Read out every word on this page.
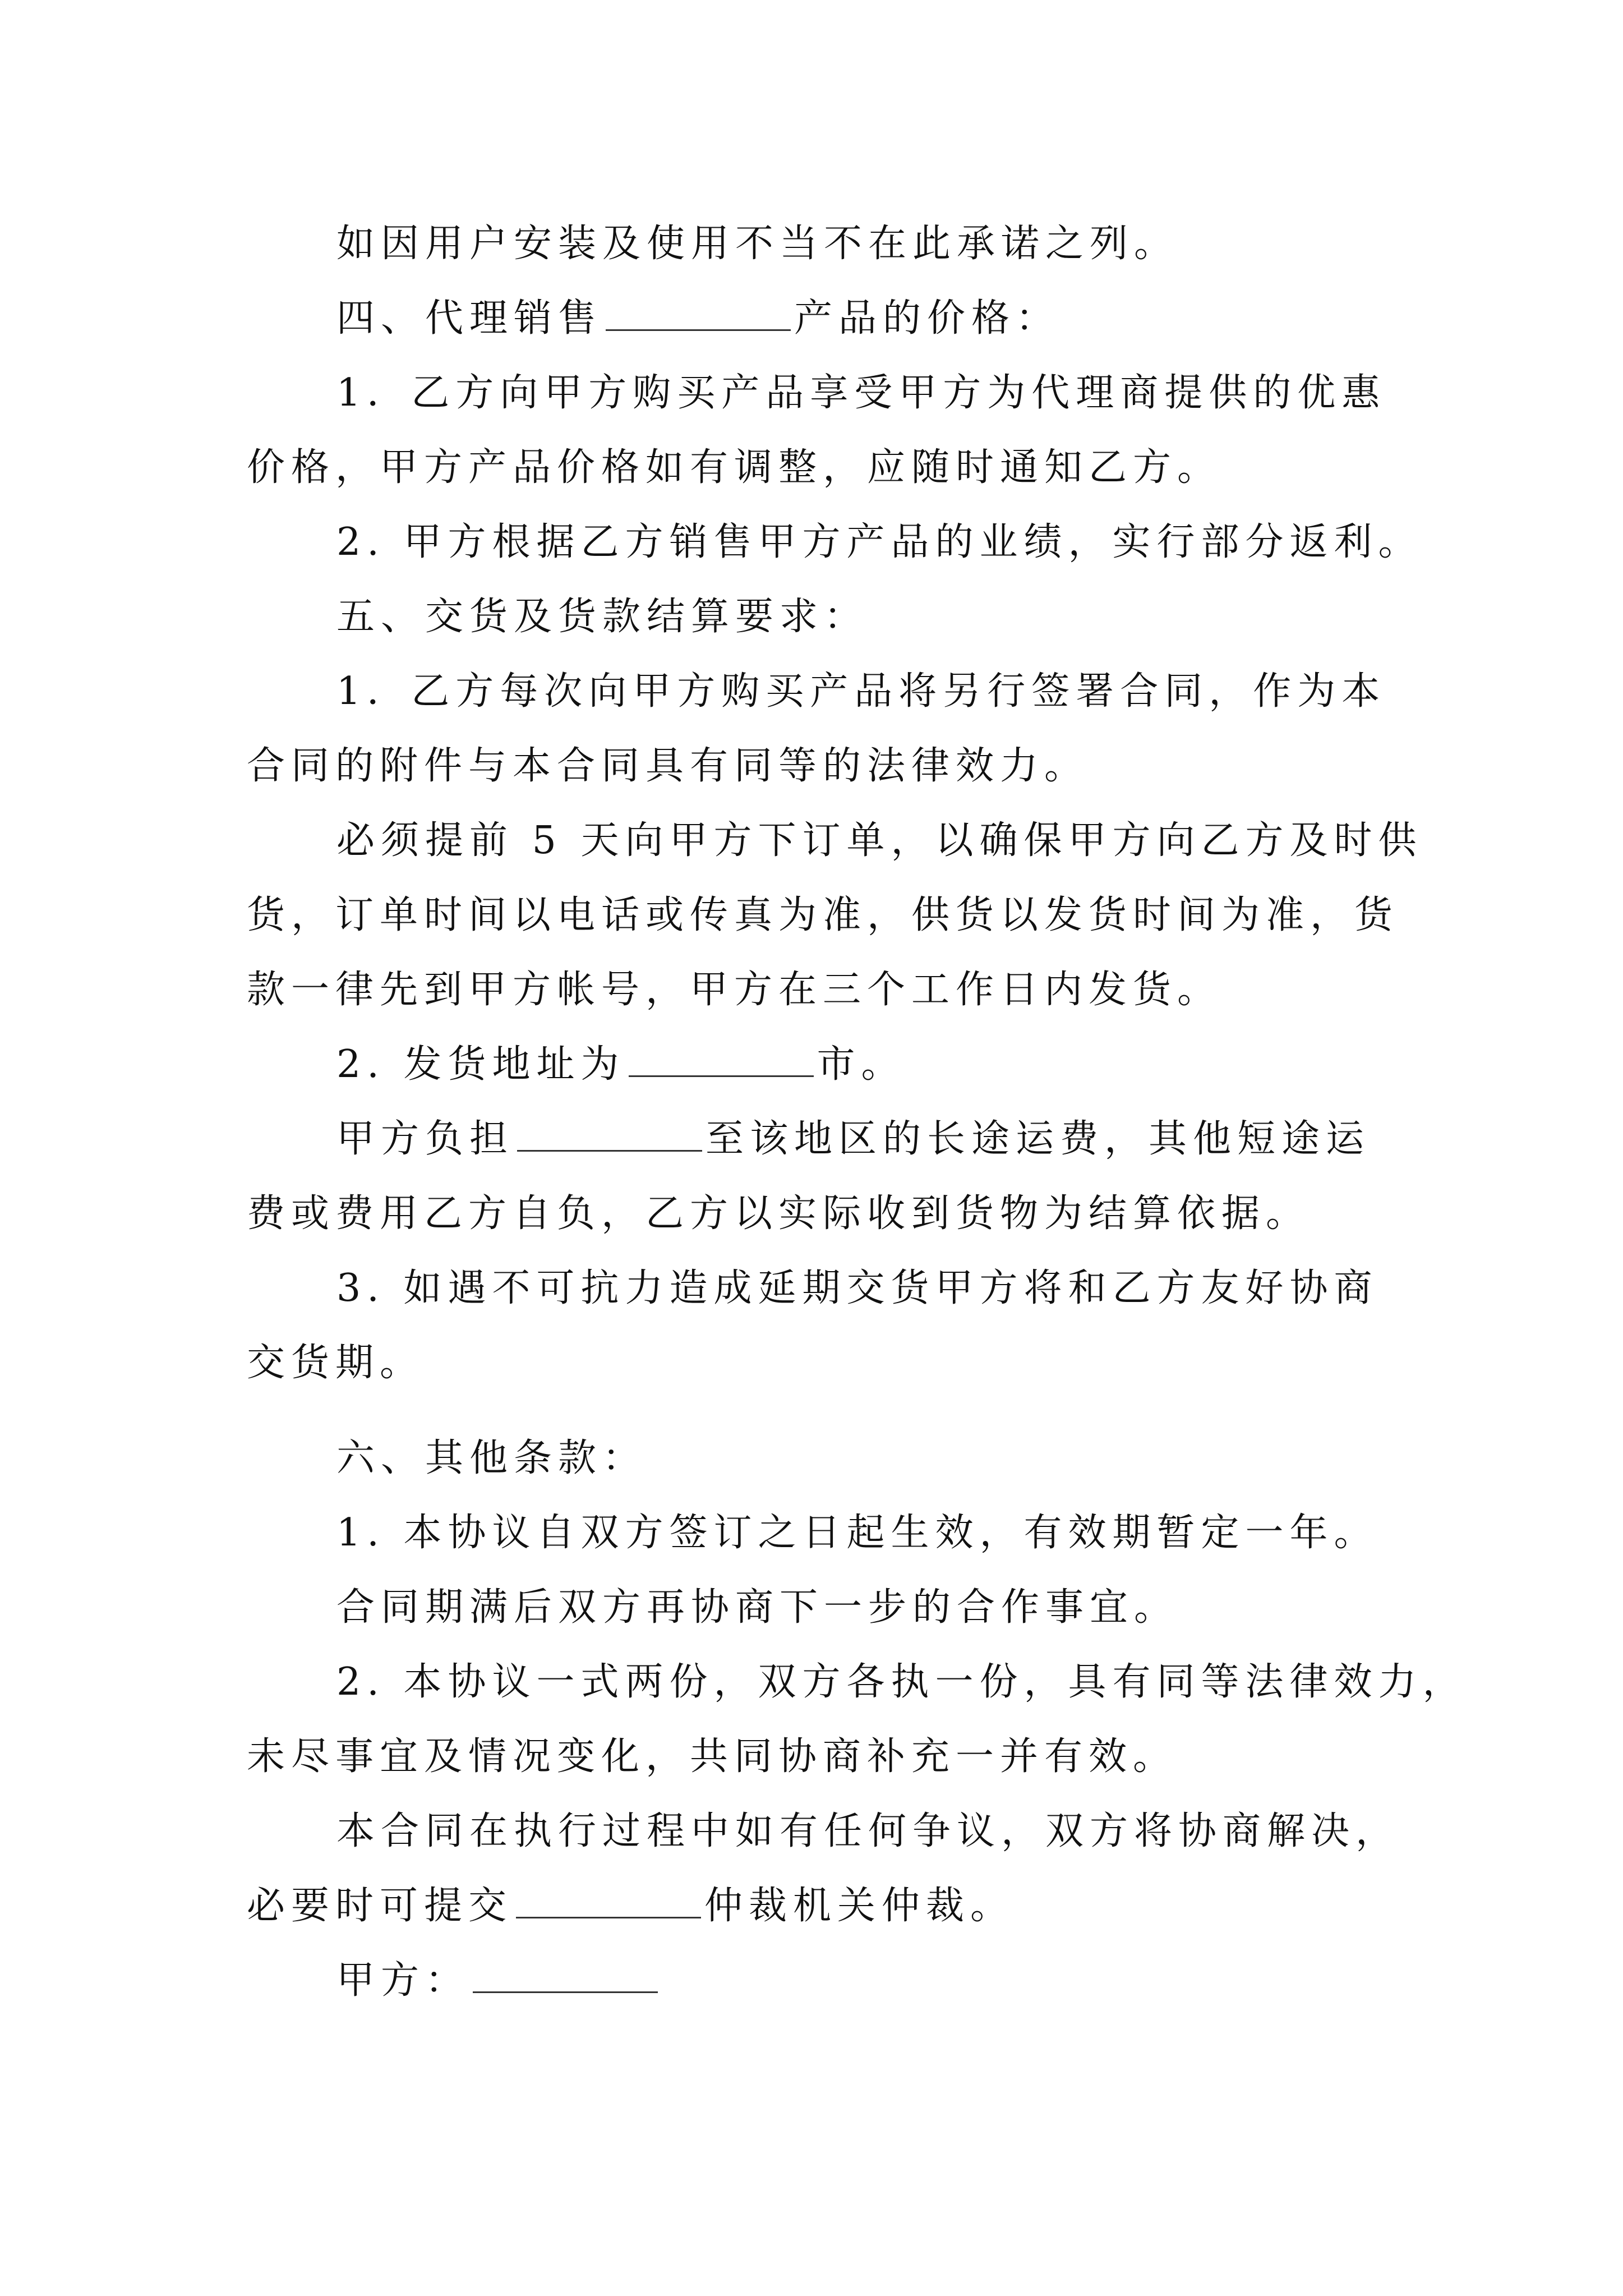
如因用户安装及使用不当不在此承诺之列。
四、代理销售	产品的价格：
1．乙方向甲方购买产品享受甲方为代理商提供的优惠
价格，甲方产品价格如有调整，应随时通知乙方。
2. 甲方根据乙方销售甲方产品的业绩，实行部分返利。
五、交货及货款结算要求：
1．乙方每次向甲方购买产品将另行签署合同，作为本
合同的附件与本合同具有同等的法律效力。
必须提前 5 天向甲方下订单，以确保甲方向乙方及时供
货，订单时间以电话或传真为准，供货以发货时间为准，货
款一律先到甲方帐号，甲方在三个工作日内发货。
2. 发货地址为	市。
甲方负担	至该地区的长途运费，其他短途运
费或费用乙方自负，乙方以实际收到货物为结算依据。
3. 如遇不可抗力造成延期交货甲方将和乙方友好协商
交货期。
六、其他条款：
1. 本协议自双方签订之日起生效，有效期暂定一年。
合同期满后双方再协商下一步的合作事宜。
2. 本协议一式两份，双方各执一份，具有同等法律效力，
未尽事宜及情况变化，共同协商补充一并有效。
本合同在执行过程中如有任何争议，双方将协商解决，
必要时可提交	仲裁机关仲裁。
甲方：
